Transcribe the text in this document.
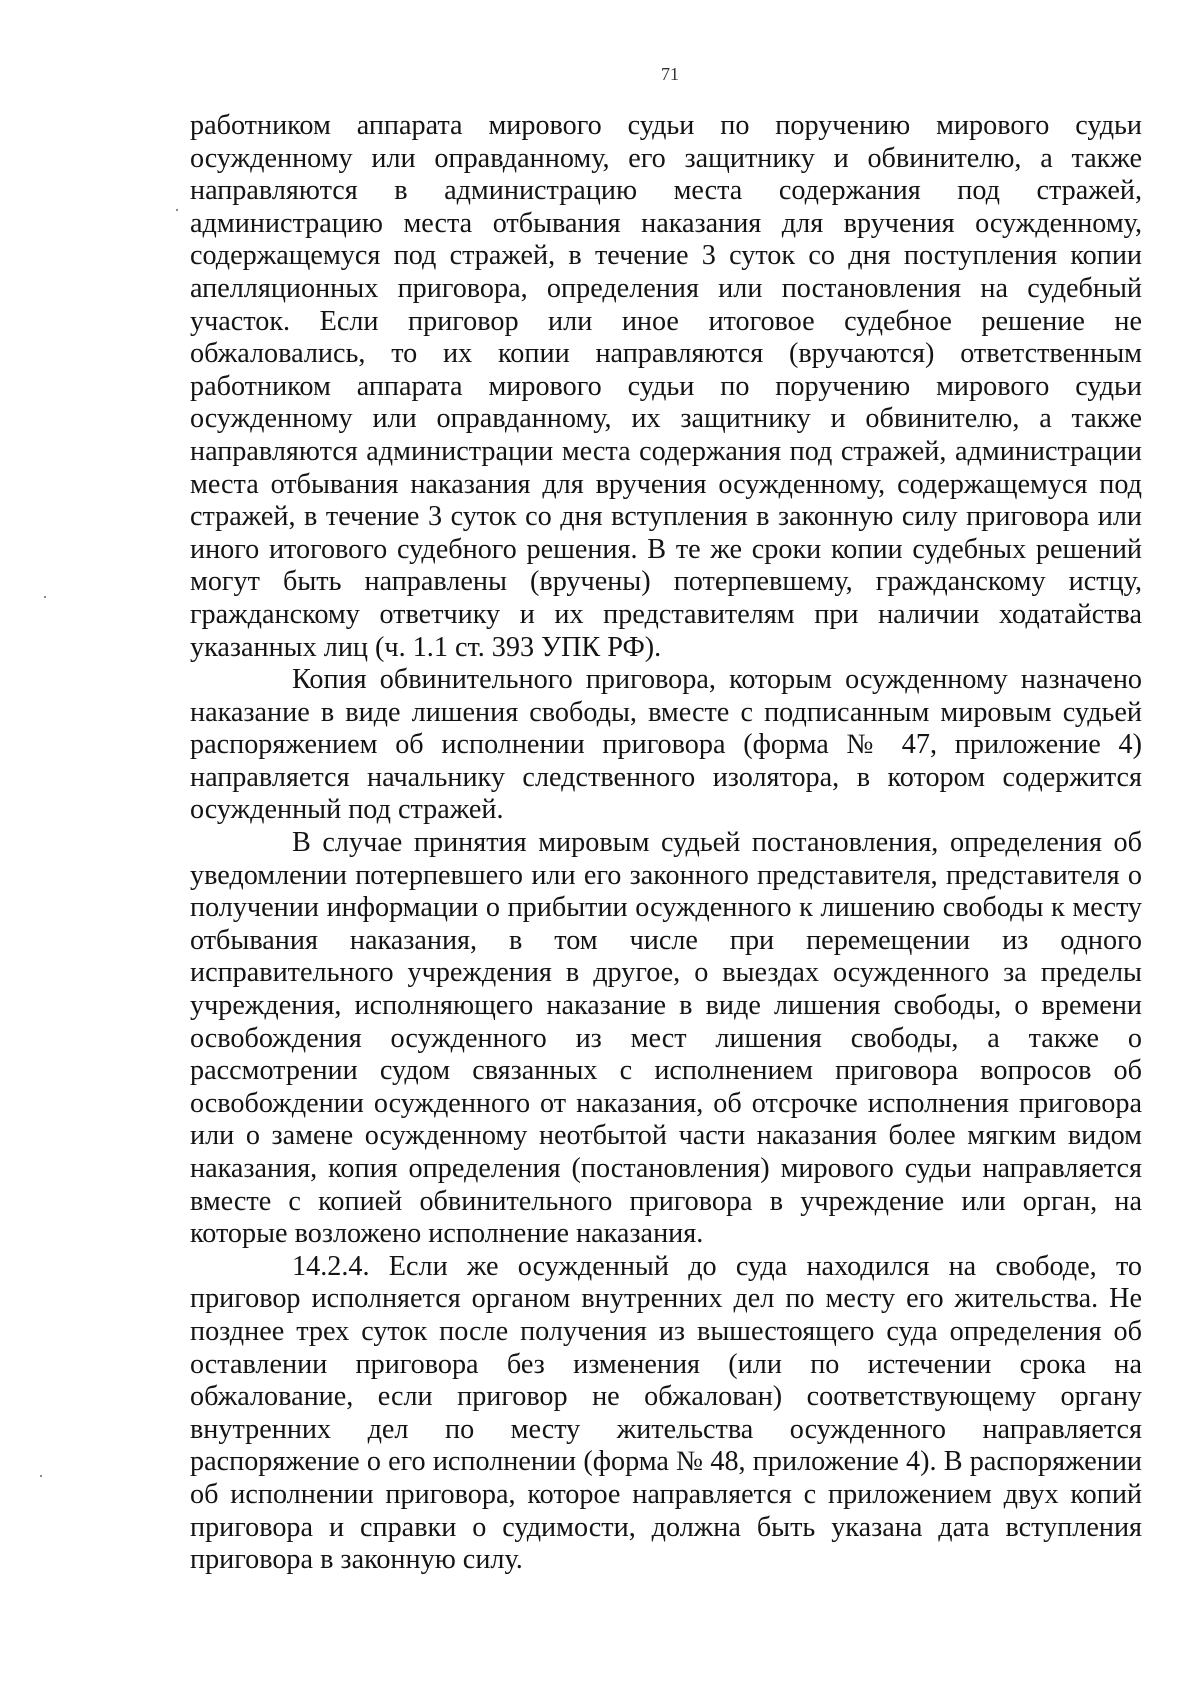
71

работником аппарата мирового судьи по поручению мирового судьи осужденному или оправданному, его защитнику и обвинителю, а также направляются в администрацию места содержания под стражей, администрацию места отбывания наказания для вручения осужденному, содержащемуся под стражей, в течение 3 суток со дня поступления копии апелляционных приговора, определения или постановления на судебный участок. Если приговор или иное итоговое судебное решение не обжаловались, то их копии направляются (вручаются) ответственным работником аппарата мирового судьи по поручению мирового судьи осужденному или оправданному, их защитнику и обвинителю, а также направляются администрации места содержания под стражей, администрации места отбывания наказания для вручения осужденному, содержащемуся под стражей, в течение 3 суток со дня вступления в законную силу приговора или иного итогового судебного решения. В те же сроки копии судебных решений могут быть направлены (вручены) потерпевшему, гражданскому истцу, гражданскому ответчику и их представителям при наличии ходатайства указанных лиц (ч. 1.1 ст. 393 УПК РФ).

Копия обвинительного приговора, которым осужденному назначено наказание в виде лишения свободы, вместе с подписанным мировым судьей распоряжением об исполнении приговора (форма № 47, приложение 4) направляется начальнику следственного изолятора, в котором содержится осужденный под стражей.

В случае принятия мировым судьей постановления, определения об уведомлении потерпевшего или его законного представителя, представителя о получении информации о прибытии осужденного к лишению свободы к месту отбывания наказания, в том числе при перемещении из одного исправительного учреждения в другое, о выездах осужденного за пределы учреждения, исполняющего наказание в виде лишения свободы, о времени освобождения осужденного из мест лишения свободы, а также о рассмотрении судом связанных с исполнением приговора вопросов об освобождении осужденного от наказания, об отсрочке исполнения приговора или о замене осужденному неотбытой части наказания более мягким видом наказания, копия определения (постановления) мирового судьи направляется вместе с копией обвинительного приговора в учреждение или орган, на которые возложено исполнение наказания.

14.2.4. Если же осужденный до суда находился на свободе, то приговор исполняется органом внутренних дел по месту его жительства. Не позднее трех суток после получения из вышестоящего суда определения об оставлении приговора без изменения (или по истечении срока на обжалование, если приговор не обжалован) соответствующему органу внутренних дел по месту жительства осужденного направляется распоряжение о его исполнении (форма № 48, приложение 4). В распоряжении об исполнении приговора, которое направляется с приложением двух копий приговора и справки о судимости, должна быть указана дата вступления приговора в законную силу.
